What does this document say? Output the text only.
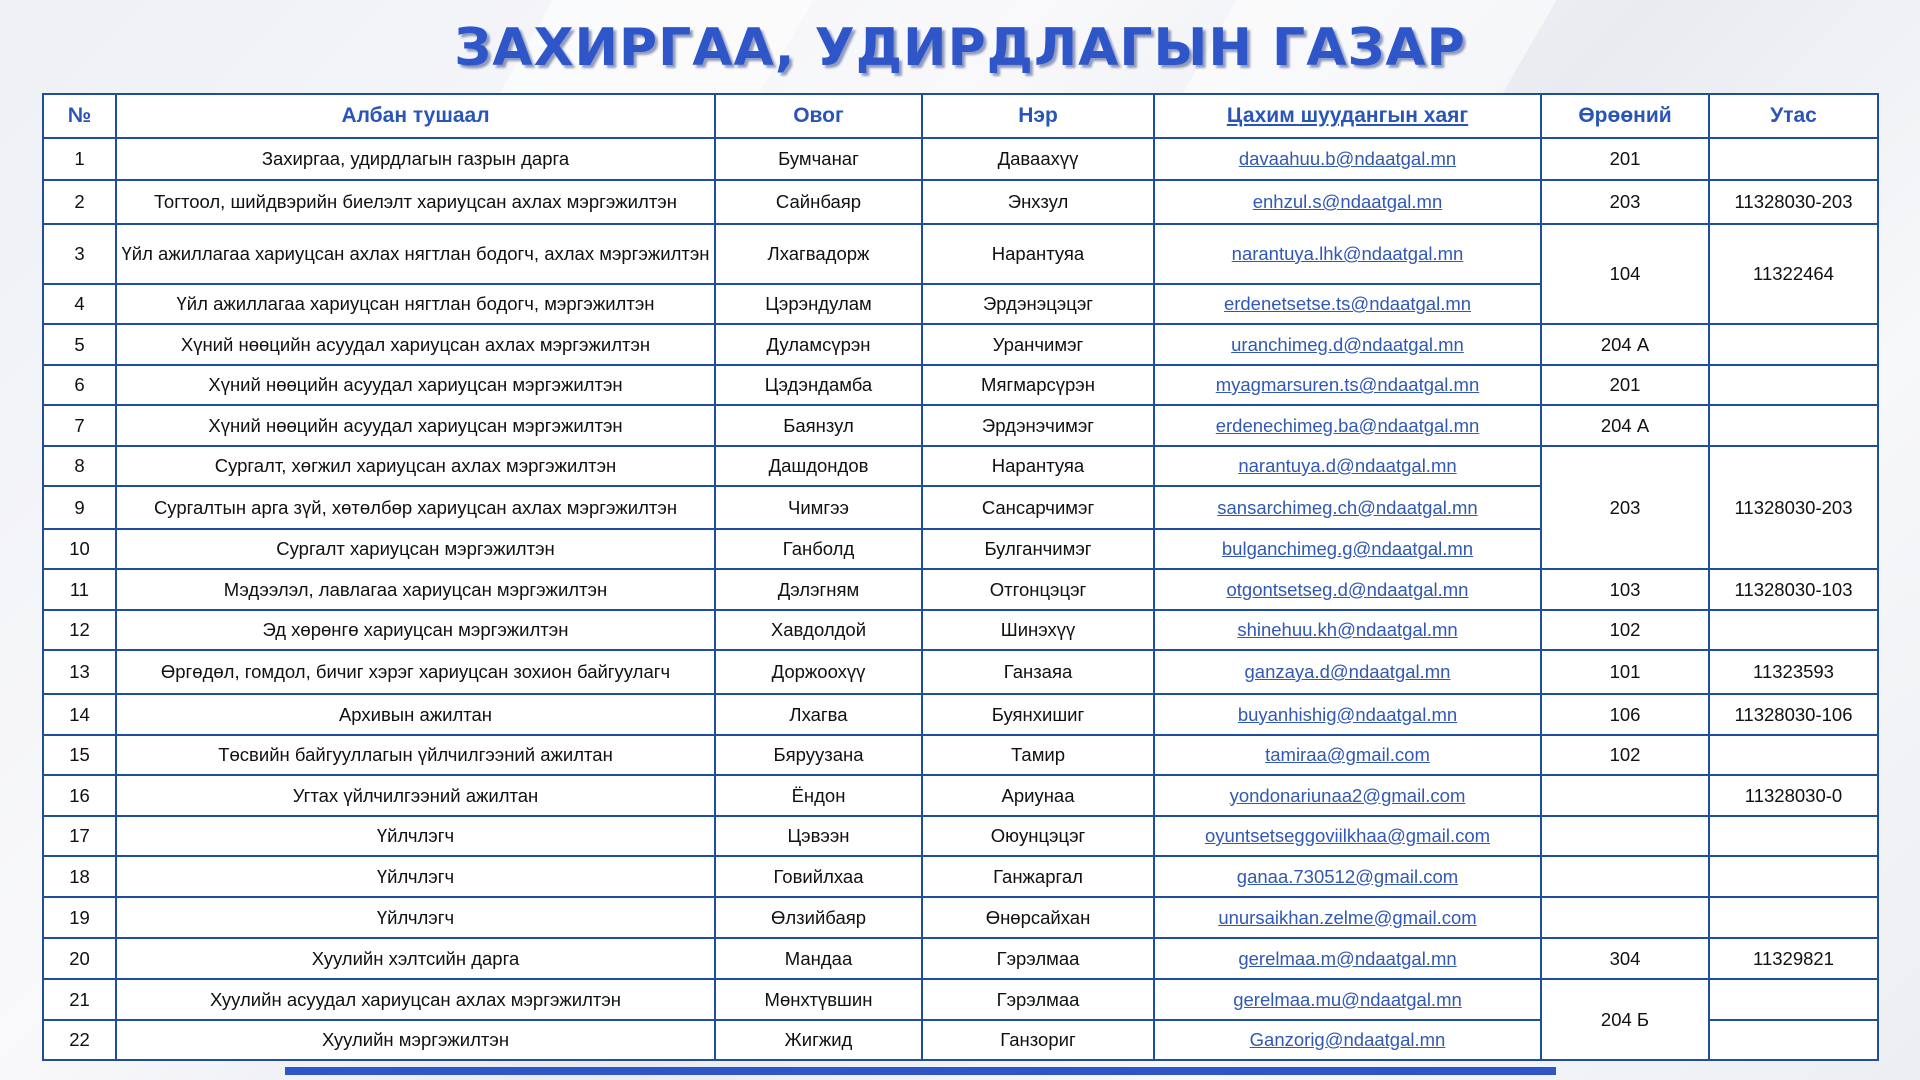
ЗАХИРГАА, УДИРДЛАГЫН ГАЗАР
№	Албан тушаал	Овог	Нэр	Цахим шуудангын хаяг	Өрөөний	Утас
1	Захиргаа, удирдлагын газрын дарга	Бумчанаг	Даваахүү	davaahuu.b@ndaatgal.mn	201	
2	Тогтоол, шийдвэрийн биелэлт хариуцсан ахлах мэргэжилтэн	Сайнбаяр	Энхзул	enhzul.s@ndaatgal.mn	203	11328030-203
3	Үйл ажиллагаа хариуцсан ахлах нягтлан бодогч, ахлах мэргэжилтэн	Лхагвадорж	Нарантуяа	narantuya.lhk@ndaatgal.mn	104	11322464
4	Үйл ажиллагаа хариуцсан нягтлан бодогч, мэргэжилтэн	Цэрэндулам	Эрдэнэцэцэг	erdenetsetse.ts@ndaatgal.mn		
5	Хүний нөөцийн асуудал хариуцсан ахлах мэргэжилтэн	Дуламсүрэн	Уранчимэг	uranchimeg.d@ndaatgal.mn	204 А	
6	Хүний нөөцийн асуудал хариуцсан мэргэжилтэн	Цэдэндамба	Мягмарсүрэн	myagmarsuren.ts@ndaatgal.mn	201	
7	Хүний нөөцийн асуудал хариуцсан мэргэжилтэн	Баянзул	Эрдэнэчимэг	erdenechimeg.ba@ndaatgal.mn	204 А	
8	Сургалт, хөгжил хариуцсан ахлах мэргэжилтэн	Дашдондов	Нарантуяа	narantuya.d@ndaatgal.mn	203	11328030-203
9	Сургалтын арга зүй, хөтөлбөр хариуцсан ахлах мэргэжилтэн	Чимгээ	Сансарчимэг	sansarchimeg.ch@ndaatgal.mn		
10	Сургалт хариуцсан мэргэжилтэн	Ганболд	Булганчимэг	bulganchimeg.g@ndaatgal.mn		
11	Мэдээлэл, лавлагаа хариуцсан мэргэжилтэн	Дэлэгням	Отгонцэцэг	otgontsetseg.d@ndaatgal.mn	103	11328030-103
12	Эд хөрөнгө хариуцсан мэргэжилтэн	Хавдолдой	Шинэхүү	shinehuu.kh@ndaatgal.mn	102	
13	Өргөдөл, гомдол, бичиг хэрэг хариуцсан зохион байгуулагч	Доржоохүү	Ганзаяа	ganzaya.d@ndaatgal.mn	101	11323593
14	Архивын ажилтан	Лхагва	Буянхишиг	buyanhishig@ndaatgal.mn	106	11328030-106
15	Төсвийн байгууллагын үйлчилгээний ажилтан	Бяруузана	Тамир	tamiraa@gmail.com	102	
16	Угтах үйлчилгээний ажилтан	Ёндон	Ариунаа	yondonariunaa2@gmail.com		11328030-0
17	Үйлчлэгч	Цэвээн	Оюунцэцэг	oyuntsetseggoviilkhaa@gmail.com		
18	Үйлчлэгч	Говийлхаа	Ганжаргал	ganaa.730512@gmail.com		
19	Үйлчлэгч	Өлзийбаяр	Өнөрсайхан	unursaikhan.zelme@gmail.com		
20	Хуулийн хэлтсийн дарга	Мандаа	Гэрэлмаа	gerelmaa.m@ndaatgal.mn	304	11329821
21	Хуулийн асуудал хариуцсан ахлах мэргэжилтэн	Мөнхтүвшин	Гэрэлмаа	gerelmaa.mu@ndaatgal.mn	204 Б	
22	Хуулийн мэргэжилтэн	Жигжид	Ганзориг	Ganzorig@ndaatgal.mn		
